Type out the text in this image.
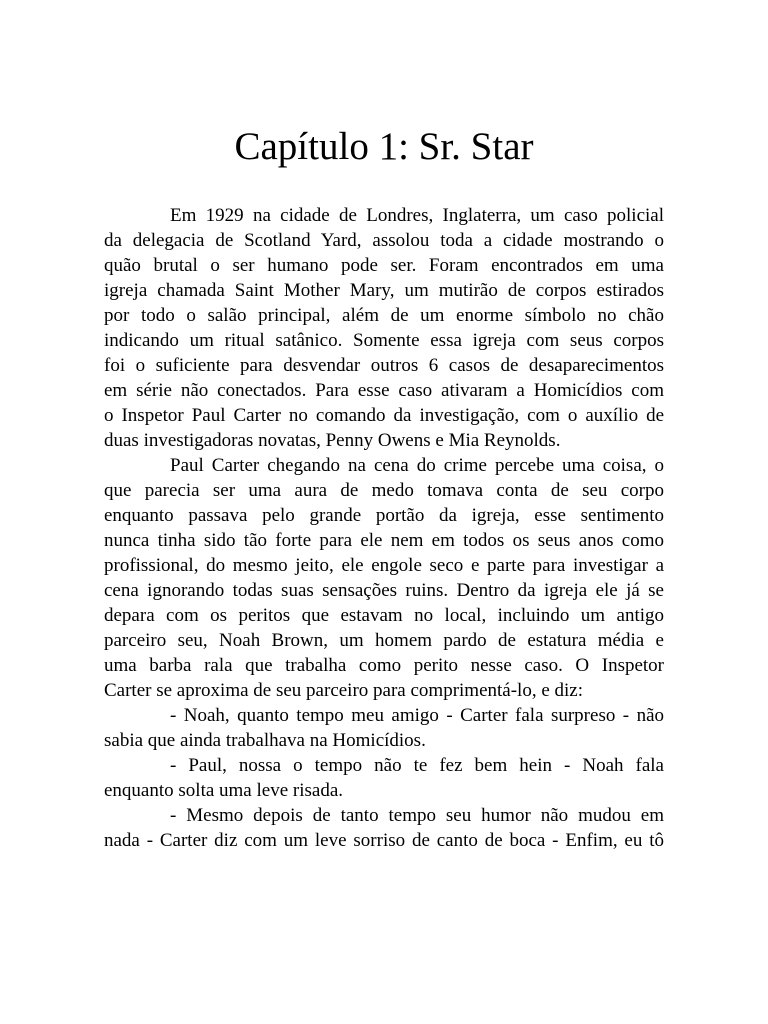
Capítulo 1: Sr. Star
Em 1929 na cidade de Londres, Inglaterra, um caso policial
da delegacia de Scotland Yard, assolou toda a cidade mostrando o
quão brutal o ser humano pode ser. Foram encontrados em uma
igreja chamada Saint Mother Mary, um mutirão de corpos estirados
por todo o salão principal, além de um enorme símbolo no chão
indicando um ritual satânico. Somente essa igreja com seus corpos
foi o suficiente para desvendar outros 6 casos de desaparecimentos
em série não conectados. Para esse caso ativaram a Homicídios com
o Inspetor Paul Carter no comando da investigação, com o auxílio de
duas investigadoras novatas, Penny Owens e Mia Reynolds.
Paul Carter chegando na cena do crime percebe uma coisa, o
que parecia ser uma aura de medo tomava conta de seu corpo
enquanto passava pelo grande portão da igreja, esse sentimento
nunca tinha sido tão forte para ele nem em todos os seus anos como
profissional, do mesmo jeito, ele engole seco e parte para investigar a
cena ignorando todas suas sensações ruins. Dentro da igreja ele já se
depara com os peritos que estavam no local, incluindo um antigo
parceiro seu, Noah Brown, um homem pardo de estatura média e
uma barba rala que trabalha como perito nesse caso. O Inspetor
Carter se aproxima de seu parceiro para comprimentá-lo, e diz:
- Noah, quanto tempo meu amigo - Carter fala surpreso - não
sabia que ainda trabalhava na Homicídios.
- Paul, nossa o tempo não te fez bem hein - Noah fala
enquanto solta uma leve risada.
- Mesmo depois de tanto tempo seu humor não mudou em
nada - Carter diz com um leve sorriso de canto de boca - Enfim, eu tô
